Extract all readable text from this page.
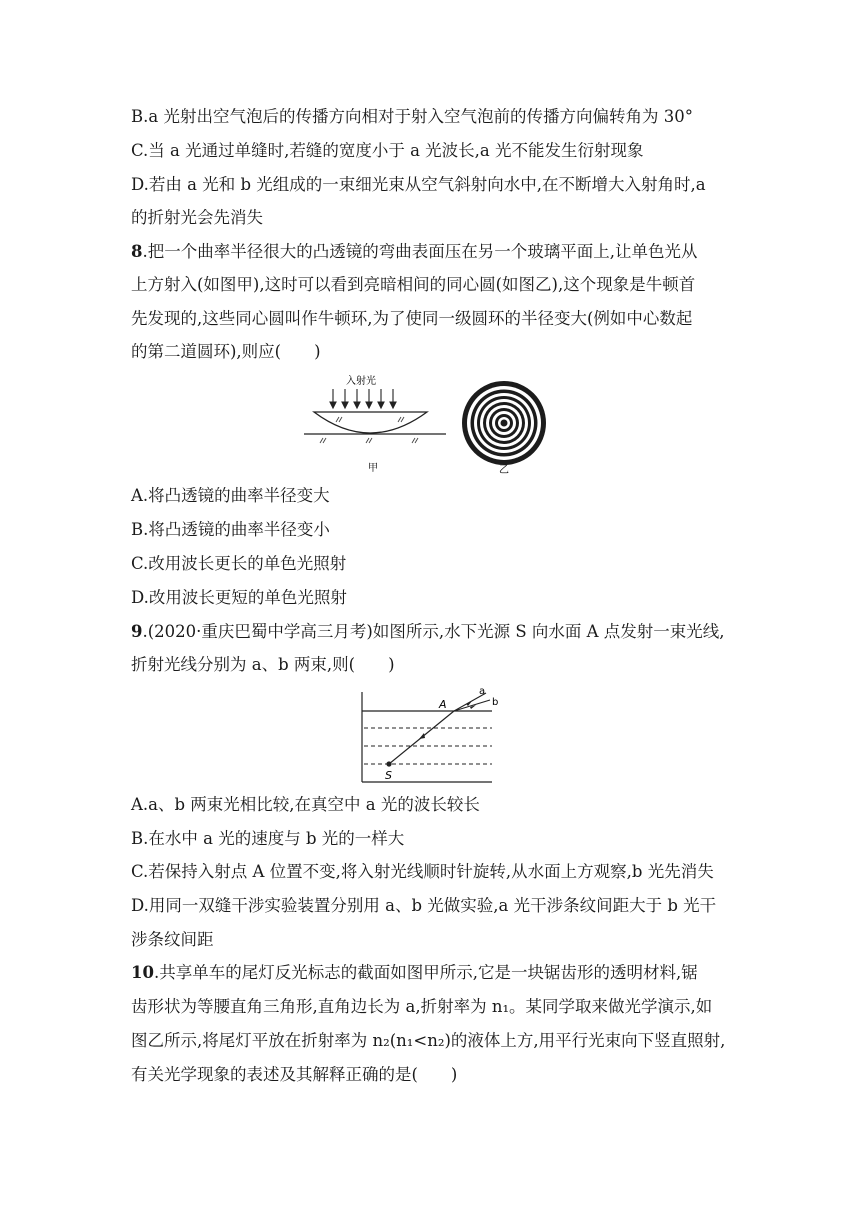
B.a 光射出空气泡后的传播方向相对于射入空气泡前的传播方向偏转角为 30°
C.当 a 光通过单缝时,若缝的宽度小于 a 光波长,a 光不能发生衍射现象
D.若由 a 光和 b 光组成的一束细光束从空气斜射向水中,在不断增大入射角时,a
的折射光会先消失
8.把一个曲率半径很大的凸透镜的弯曲表面压在另一个玻璃平面上,让单色光从
上方射入(如图甲),这时可以看到亮暗相间的同心圆(如图乙),这个现象是牛顿首
先发现的,这些同心圆叫作牛顿环,为了使同一级圆环的半径变大(例如中心数起
的第二道圆环),则应(　　)
入射光
甲	乙
A.将凸透镜的曲率半径变大
B.将凸透镜的曲率半径变小
C.改用波长更长的单色光照射
D.改用波长更短的单色光照射
9.(2020·重庆巴蜀中学高三月考)如图所示,水下光源 S 向水面 A 点发射一束光线,
折射光线分别为 a、b 两束,则(　　)
a
b
A
S
A.a、b 两束光相比较,在真空中 a 光的波长较长
B.在水中 a 光的速度与 b 光的一样大
C.若保持入射点 A 位置不变,将入射光线顺时针旋转,从水面上方观察,b 光先消失
D.用同一双缝干涉实验装置分别用 a、b 光做实验,a 光干涉条纹间距大于 b 光干
涉条纹间距
10.共享单车的尾灯反光标志的截面如图甲所示,它是一块锯齿形的透明材料,锯
齿形状为等腰直角三角形,直角边长为 a,折射率为 n₁。某同学取来做光学演示,如
图乙所示,将尾灯平放在折射率为 n₂(n₁<n₂)的液体上方,用平行光束向下竖直照射,
有关光学现象的表述及其解释正确的是(　　)
